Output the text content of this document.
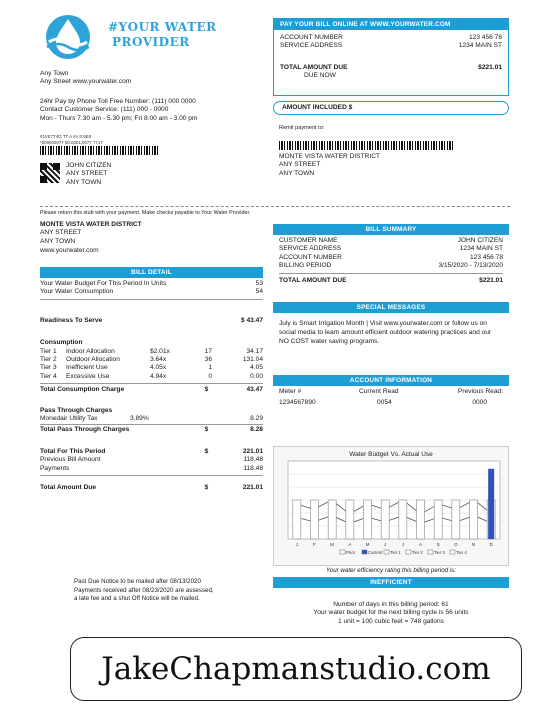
#YOUR WATER
PROVIDER
Any Town
Any Street www.yourwater.com
24hr Pay by Phone Toll Free Number: (111) 000 0000
Contact Customer Service: (111) 000 - 0000
Mon - Thurs 7.30 am - 5.30 pm; Fri 8:00 am - 3.00 pm
#1VE7T4G TT A AV 0.5E8
*000000077 00.0001.0077 7717
JOHN CITIZEN
ANY STREET
ANY TOWN
PAY YOUR BILL ONLINE AT WWW.YOURWATER.COM
ACCOUNT NUMBER	123 456 78
SERVICE ADDRESS	1234 MAIN ST
TOTAL AMOUNT DUE	$221.01
DUE NOW
AMOUNT INCLUDED $
Remit payment to:
MONTE VISTA WATER DISTRICT
ANY STREET
ANY TOWN
Please return this stub with your payment. Make checks payable to Your Water Provider.
MONTE VISTA WATER DISTRICT
ANY STREET
ANY TOWN
www.yourwater.com
BILL DETAIL
Your Water Budget For This Period In Units	53
Your Water Consumption	54
Readiness To Serve	$ 43.47
Consumption
Tier 1	Indoor Allocation	$2.01x	17	34.17
Tier 2	Outdoor Allocation	3.64x	36	131.04
Tier 3	Inefficient Use	4.05x	1	4.05
Tier 4	Excessive Use	4.94x	0	0.00
Total Consumption Charge	$	43.47
Pass Through Charges
Monedair Utility Tax	3.89%	8.29
Total Pass Through Charges	$	8.28
Total For This Period	$	221.01
Previous Bill Amount	118.48
Payments	118.48
Total Amount Due	$	221.01
Past Due Notice to be mailed after 08/13/2020
Payments received after 08/23/2020 are assessed,
a late fee and a shut Off Notice will be mailed.
BILL SUMMARY
CUSTOMER NAME	JOHN CITIZEN
SERVICE ADDRESS	1234 MAIN ST
ACCOUNT NUMBER	123 456 78
BILLING PERIOD	3/15/2020 - 7/13/2020
TOTAL AMOUNT DUE	$221.01
SPECIAL MESSAGES
July is Smart Irrigation Month | Visit www.yourwater.com or follow us on social media to learn amount efficient outdoor watering practices and our NO COST water saving programs.
ACCOUNT INFORMATION
Meter #	Current Read	Previous Read:
1234567890	0054	0000
Water Budget Vs. Actual Use
J	F	M	A	M	J	J	A	S	O	N	D
Prior	Current Tier 1	Tier 2	Tier 3	Tier 4
Your water efficiency rating this billing period is:
INEFFICIENT
Number of days in this billing period: 61
Your water budget for the next billing cycle is 56 units
1 unit = 100 cubic feet = 748 gallons
JakeChapmanstudio.com
